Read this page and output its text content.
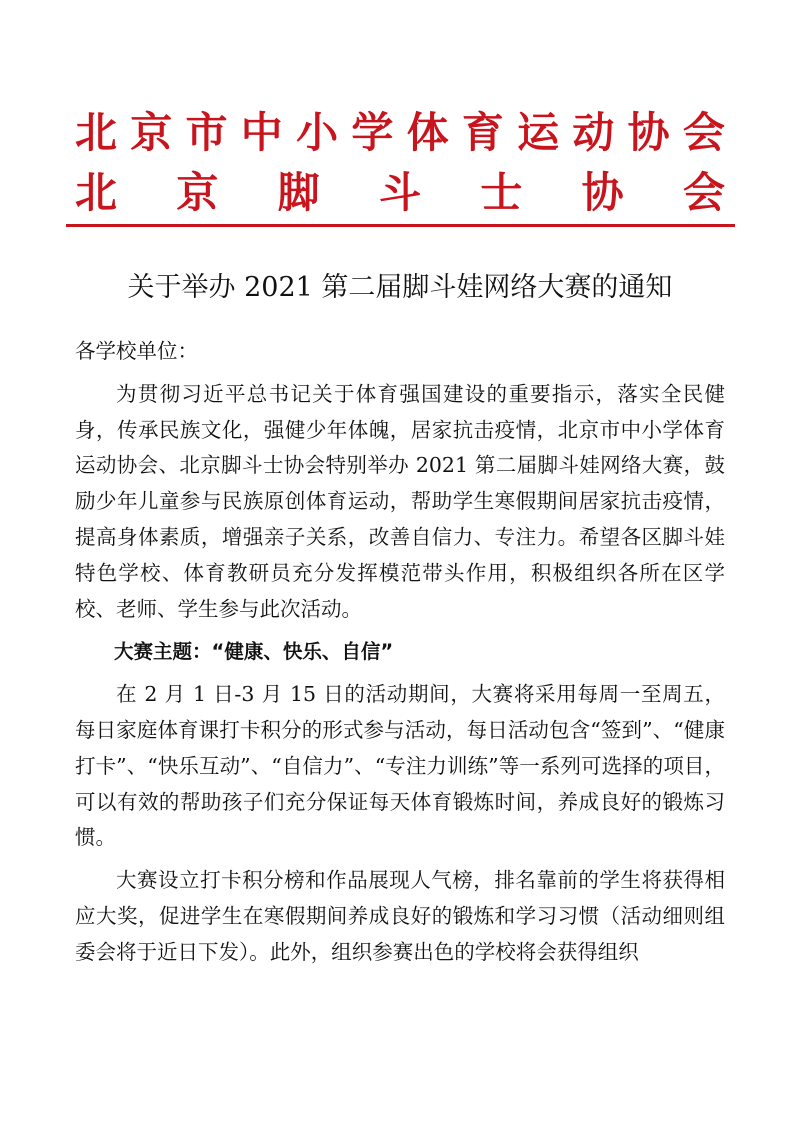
北 京 市 中 小 学 体 育 运 动 协 会
北 京 脚 斗 士 协 会
关于举办 2021 第二届脚斗娃网络大赛的通知

各学校单位：

为贯彻习近平总书记关于体育强国建设的重要指示，落实全民健身，传承民族文化，强健少年体魄，居家抗击疫情，北京市中小学体育运动协会、北京脚斗士协会特别举办 2021 第二届脚斗娃网络大赛，鼓励少年儿童参与民族原创体育运动，帮助学生寒假期间居家抗击疫情，提高身体素质，增强亲子关系，改善自信力、专注力。希望各区脚斗娃特色学校、体育教研员充分发挥模范带头作用，积极组织各所在区学校、老师、学生参与此次活动。

大赛主题：“健康、快乐、自信”

在 2 月 1 日-3 月 15 日的活动期间，大赛将采用每周一至周五，每日家庭体育课打卡积分的形式参与活动，每日活动包含“签到”、“健康打卡”、“快乐互动”、“自信力”、“专注力训练”等一系列可选择的项目，可以有效的帮助孩子们充分保证每天体育锻炼时间，养成良好的锻炼习惯。

大赛设立打卡积分榜和作品展现人气榜，排名靠前的学生将获得相应大奖，促进学生在寒假期间养成良好的锻炼和学习习惯（活动细则组委会将于近日下发）。此外，组织参赛出色的学校将会获得组织
